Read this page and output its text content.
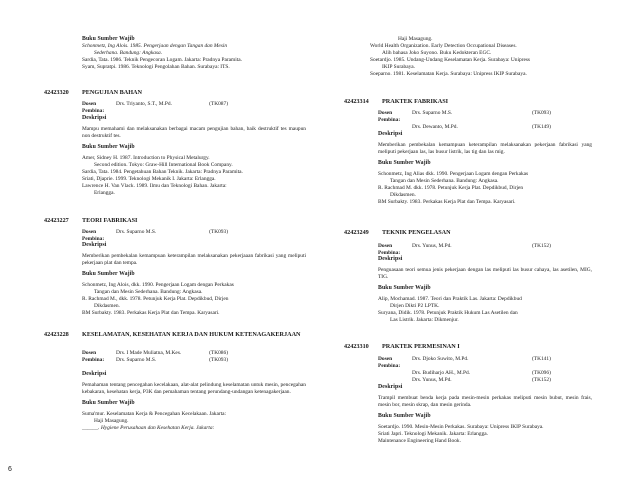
Buku Sumber Wajib
Schonmetz, Ing Alois. 1985. Pengerjaan dengan Tangan dan Mesin
Sederhana. Bandung: Angkasa.
Sardia, Tata. 1986. Teknik Pengecoran Logam. Jakarta: Pradnya Paramita.
Syam, Supratpi. 1986. Teknologi Pengolahan Bahan. Surabaya: ITS.
42423320	PENGUJIAN BAHAN
Dosen Pembina:
Drs. Triyanto, S.T., M.Pd.	(TK087)
Deskripsi
Mampu memahami dan melaksanakan berbagai macam pengujian bahan, baik destruktif tes maupun non destruktif tes.
Buku Sumber Wajib
Amer, Sidney H. 1987. Introduction to Physical Metalurgy.
Second edition. Tokyo: Graw-Hill International Book Company.
Sardia, Tata. 1984. Pengetahuan Bahan Teknik. Jakarta: Pradnya Paramita.
Sriati, Djaprie. 1999. Teknologi Mekanik I. Jakarta: Erlangga.
Lawrence H. Van Vlack. 1989. Ilmu dan Teknologi Bahan. Jakarta:
Erlangga.
42423227	TEORI FABRIKASI
Dosen Pembina:
Drs. Suparno M.S.	(TK093)
Deskripsi
Memberikan pembekalan kemampuan keterampilan melaksanakan pekerjaaan fabrikasi yang meliputi pekerjaan plat dan tempa.
Buku Sumber Wajib
Schonmetz, Ing Alois, dkk. 1990. Pengerjaan Logam dengan Perkakas
Tangan dan Mesin Sederhana. Bandung: Angkasa.
R. Rachmad M., dkk. 1978. Petunjuk Kerja Plat. Depdikbud, Dirjen
Dikdasmen.
BM Surbakty. 1983. Perkakas Kerja Plat dan Tempa. Karyasari.
42423228	KESELAMATAN, KESEHATAN KERJA DAN HUKUM KETENAGAKERJAAN
Dosen Pembina:
Drs. I Made Muliatna, M.Kes.	(TK086)
Drs. Suparno M.S.	(TK093)
Deskripsi
Pemahaman tentang pencegahan kecelakaan, alat-alat pelindung keselamatan untuk mesin, pencegahan kebakaran, kesehatan kerja, P3K dan pemahaman tentang perundang-undangan ketenagakerjaan.
Buku Sumber Wajib
Suma'mur. Keselamatan Kerja & Pencegahan Kecelakaan. Jakarta:
Haji Masagung.
______. Hygiene Perusahaan dan Kesehatan Kerja. Jakarta:
Haji Masagung.
World Health Organization. Early Detection Occupational Diseases.
Alih bahasa Joko Suyono. Buku Kedokteran EGC.
Soetardjo. 1985. Undang-Undang Keselamatan Kerja. Surabaya: Unipress
IKIP Surabaya.
Soeparno. 1981. Keselamatan Kerja. Surabaya: Unipress IKIP Surabaya.
42423314	PRAKTEK FABRIKASI
Dosen Pembina:
Drs. Suparno M.S.	(TK093)
Drs. Dewanto, M.Pd.	(TK149)
Deskripsi
Memberikan pembekalan kemampuan keterampilan melaksanakan pekerjaan fabrikasi yang meliputi pekerjaan las, las busur listrik, las tig dan las mig.
Buku Sumber Wajib
Schonmetz, Ing Alias dkk. 1990. Pengerjaan Logam dengan Perkakas
Tangan dan Mesin Sederhana. Bandung: Angkasa.
R. Rachmad M. dkk. 1978. Petunjuk Kerja Plat. Depdikbud, Dirjen
Dikdasmen.
BM Surbakty. 1983. Perkakas Kerja Plat dan Tempa. Karyasari.
42423249	TEKNIK PENGELASAN
Dosen Pembina:
Drs. Yunus, M.Pd.	(TK152)
Deskripsi
Penguasaan teori semua jenis pekerjaan dengan las meliputi las busur cahaya, las asetilen, MIG, TIG.
Buku Sumber Wajib
Alip, Mochamad. 1987. Teori dan Praktik Las. Jakarta: Depdikbud
Dirjen Dikti P2 LPTK.
Suryana, Didik. 1978. Petunjuk Praktik Hukum Las Asetilen dan
Las Listrik. Jakarta: Dikmenjur.
42423310	PRAKTEK PERMESINAN I
Dosen Pembina:
Drs. Djoko Suwito, M.Pd.	(TK141)
Drs. Budiharjo AH., M.Pd.	(TK096)
Drs. Yunus, M.Pd.	(TK152)
Deskripsi
Trampil membuat benda kerja pada mesin-mesin perkakas meliputi mesin bubut, mesin frais, mesin bor, mesin skrap, dan mesin gerinda.
Buku Sumber Wajib
Soetardjo. 1990. Mesin-Mesin Perkakas. Surabaya: Unipress IKIP Surabaya.
Sriati Japri. Teknologi Mekanik. Jakarta: Erlangga.
Maintenance Engineering Hand Book.
6
